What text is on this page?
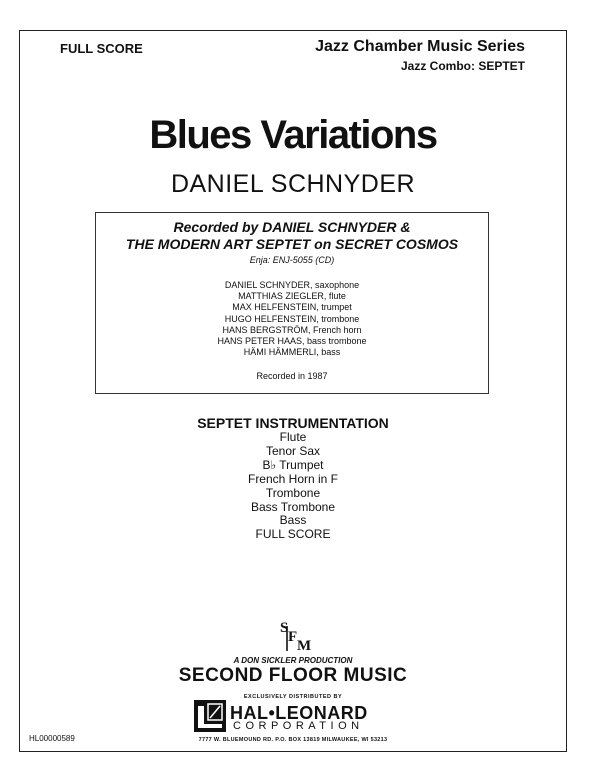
FULL SCORE	Jazz Chamber Music Series
Jazz Combo: SEPTET
Blues Variations
DANIEL SCHNYDER
Recorded by DANIEL SCHNYDER &
THE MODERN ART SEPTET on SECRET COSMOS
Enja: ENJ-5055 (CD)
DANIEL SCHNYDER, saxophone
MATTHIAS ZIEGLER, flute
MAX HELFENSTEIN, trumpet
HUGO HELFENSTEIN, trombone
HANS BERGSTRÖM, French horn
HANS PETER HAAS, bass trombone
HÄMI HÄMMERLI, bass
Recorded in 1987
SEPTET INSTRUMENTATION
Flute
Tenor Sax
B♭ Trumpet
French Horn in F
Trombone
Bass Trombone
Bass
FULL SCORE
S
F
M
A DON SICKLER PRODUCTION
SECOND FLOOR MUSIC
EXCLUSIVELY DISTRIBUTED BY
HAL•LEONARD
CORPORATION
7777 W. BLUEMOUND RD. P.O. BOX 13819 MILWAUKEE, WI 53213
HL00000589
